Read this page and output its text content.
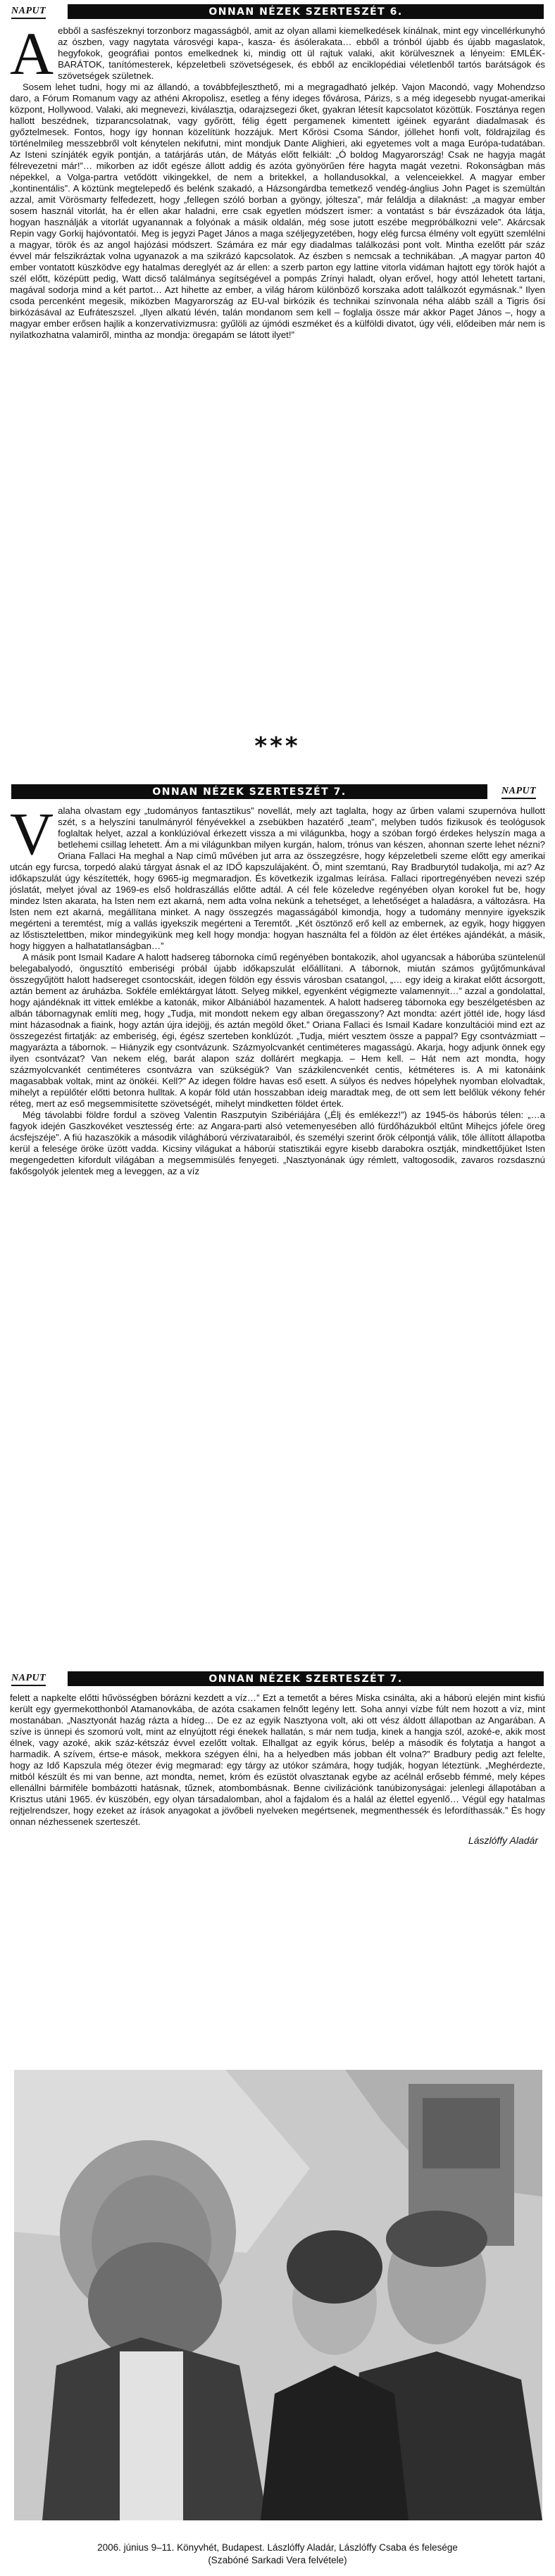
NAPUT	ONNAN NÉZEK SZERTESZÉT 6.

Aebből a sasfészeknyi torzonborz magasságból, amit az olyan allami kiemelkedések kínálnak, mint egy vincellérkunyhó az ószben, vagy nagytata városvégi kapa-, kasza- és ásólerakata… ebből a trónból újabb és újabb magaslatok, hegyfokok, geográfiai pontos emelkednek ki, mindig ott ül rajtuk valaki, akit körülvesznek a lényeim: EMLÉK-BARÁTOK, tanítómesterek, képzeletbeli szövetségesek, és ebből az enciklopédiai véletlenből tartós barátságok és szövetségek születnek.

Sosem lehet tudni, hogy mi az állandó, a továbbfejleszthető, mi a megragadható jelkép. Vajon Macondó, vagy Mohendzso daro, a Fórum Romanum vagy az athéni Akropolisz, esetleg a fény ideges fővárosa, Párizs, s a még idegesebb nyugat-amerikai központ, Hollywood. Valaki, aki megnevezi, kiválasztja, odarajzsegezi őket, gyakran létesít kapcsolatot közöttük. Fosztánya regen hallott beszédnek, tizparancsolatnak, vagy győrött, félig égett pergamenek kimentett igéinek egyaránt diadalmasak és győztelmesek. Fontos, hogy így honnan közelítünk hozzájuk. Mert Kőrösi Csoma Sándor, jóllehet honfi volt, földrajzilag és történelmileg messzebbről volt kénytelen nekifutni, mint mondjuk Dante Alighieri, aki egyetemes volt a maga Európa-tudatában. Az Isteni színjáték egyik pontján, a tatárjárás után, de Mátyás előtt felkiált: „Ó boldog Magyarország! Csak ne hagyja magát félrevezetni már!”… mikorben az időt egésze állott addig és azóta gyönyörűen fére hagyta magát vezetni. Rokonságban más népekkel, a Volga-partra vetődött vikingekkel, de nem a britekkel, a hollandusokkal, a velenceiekkel. A magyar ember „kontinentális”. A köztünk megtelepedő és belénk szakadó, a Házsongárdba temetkező vendég-ánglius John Paget is szemültán azzal, amit Vörösmarty felfedezett, hogy „fellegen szóló borban a gyöngy, jóltesza”, már feláldja a dilaknást: „a magyar ember sosem használ vitorlát, ha ér ellen akar haladni, erre csak egyetlen módszert ismer: a vontatást s bár évszázadok óta látja, hogyan használják a vitorlát ugyanannak a folyónak a másik oldalán, még sose jutott eszébe megpróbálkozni vele”. Akárcsak Repin vagy Gorkij hajóvontatói. Meg is jegyzi Paget János a maga széljegyzetében, hogy elég furcsa élmény volt együtt szemlélni a magyar, török és az angol hajózási módszert. Számára ez már egy diadalmas találkozási pont volt. Mintha ezelőtt pár száz évvel már felszikráztak volna ugyanazok a ma szikrázó kapcsolatok. Az észben s nemcsak a technikában. „A magyar parton 40 ember vontatott küszködve egy hatalmas dereglyét az ár ellen: a szerb parton egy lattine vitorla vidáman hajtott egy török hajót a szél előtt, középütt pedig, Watt dicső találmánya segítségével a pompás Zrínyi haladt, olyan erővel, hogy attól lehetett tartani, magával sodorja mind a két partot… Azt hihette az ember, a világ három különböző korszaka adott találkozót egymásnak.” Ilyen csoda percenként megesik, miközben Magyarország az EU-val birkózik és technikai színvonala néha alább száll a Tigris ősi birkózásával az Eufráteszszel. „Ilyen alkatú lévén, talán mondanom sem kell – foglalja össze már akkor Paget János –, hogy a magyar ember erősen hajlik a konzervatívizmusra: gyűlöli az újmódi eszméket és a külföldi divatot, úgy véli, elődeiben már nem is nyilatkozhatna valamiről, mintha az mondja: öregapám se látott ilyet!”

***
ONNAN NÉZEK SZERTESZÉT 7.	NAPUT

Valaha olvastam egy „tudományos fantasztikus” novellát, mely azt taglalta, hogy az űrben valami szupernóva hullott szét, s a helyszíni tanulmányról fényévekkel a zsebükben hazatérő „team”, melyben tudós fizikusok és teológusok foglaltak helyet, azzal a konklúzióval érkezett vissza a mi világunkba, hogy a szóban forgó érdekes helyszín maga a betlehemi csillag lehetett. Ám a mi világunkban milyen kurgán, halom, trónus van készen, ahonnan szerte lehet nézni? Oriana Fallaci Ha meghal a Nap című művében jut arra az összegzésre, hogy képzeletbeli szeme előtt egy amerikai utcán egy furcsa, torpedó alakú tárgyat ásnak el az IDŐ kapszulájaként. Ő, mint szemtanú, Ray Bradburytól tudakolja, mi az? Az időkapszulát úgy készítették, hogy 6965-ig megmaradjon. És következik izgalmas leírása. Fallaci riportregényében nevezi szép jóslatát, melyet jóval az 1969-es első holdraszállás előtte adtál. A cél fele közeledve regényében olyan korokel fut be, hogy mindez lsten akarata, ha lsten nem ezt akarná, nem adta volna nekünk a tehetséget, a lehetőséget a haladásra, a változásra. Ha lsten nem ezt akarná, megállítana minket. A nagy összegzés magasságából kimondja, hogy a tudomány mennyire igyekszik megérteni a teremtést, míg a vallás igyekszik megérteni a Teremtőt. „Két ösztönző erő kell az embernek, az egyik, hogy higgyen az lőstisztelettben, mikor mindegyikünk meg kell hogy mondja: hogyan használta fel a földön az élet értékes ajándékát, a másik, hogy higgyen a halhatatlanságban…”

A másik pont Ismail Kadare A halott hadsereg tábornoka című regényében bontakozik, ahol ugyancsak a háborúba szüntelenül belegabalyodó, öngusztító emberiségi próbál újabb időkapszulát előállítani. A tábornok, miután számos gyűjtőmunkával összegyűjtött halott hadsereget csontocskáit, idegen földön egy éssvis városban csatangol, „… egy ideig a kirakat előtt ácsorgott, aztán bement az áruházba. Sokféle emléktárgyat látott. Selyeg mikkel, egyenként végigmezte valamennyit…” azzal a gondolattal, hogy ajándéknak itt vittek emlékbe a katonák, mikor Albániából hazamentek. A halott hadsereg tábornoka egy beszélgetésben az albán tábornagynak említi meg, hogy „Tudja, mit mondott nekem egy alban öregasszony? Azt mondta: azért jöttél ide, hogy lásd mint házasodnak a fiaink, hogy aztán újra idejöjj, és aztán megöld őket.” Oriana Fallaci és Ismail Kadare konzultációi mind ezt az összegezést firtatják: az emberiség, égi, égész szerteben konklúzót. „Tudja, miért vesztem össze a pappal? Egy csontvázmiatt – magyarázta a tábornok. – Hiányzik egy csontvázunk. Százmyolcvankét centiméteres magasságú. Akarja, hogy adjunk önnek egy ilyen csontvázat? Van nekem elég, barát alapon száz dollárért megkapja. – Hem kell. – Hát nem azt mondta, hogy százmyolcvankét centiméteres csontvázra van szükségük? Van százkilencvenkét centis, kétméteres is. A mi katonáink magasabbak voltak, mint az önökéi. Kell?” Az idegen földre havas eső esett. A súlyos és nedves hópelyhek nyomban elolvadtak, mihelyt a repülőtér előtti betonra hulltak. A kopár föld után hosszabban ideig maradtak meg, de ott sem lett belőlük vékony fehér réteg, mert az eső megsemmisítette szövetségét, mihelyt mindketten földet értek.

Még távolabbi földre fordul a szöveg Valentin Raszputyin Szibériájára („Élj és emlékezz!”) az 1945-ös háborús télen: „…a fagyok idején Gaszkovéket vesztesség érte: az Angara-parti alsó vetemenyesében alló fürdőházukból eltűnt Mihejcs jófele öreg ácsfejszéje”. A fiú hazaszökik a második világháború vérzivataraiból, és személyi szerint őrök célpontjá válik, tőle állított állapotba kerül a felesége öröke üzött vadda. Kicsiny világukat a háborúi statisztikái egyre kisebb darabokra osztják, mindkettőjüket lsten megengedetten kifordult világában a megsemmisülés fenyegeti. „Nasztyonának úgy rémlett, valtogosodik, zavaros rozsdasznú fakősgolyók jelentek meg a leveggen, az a víz

NAPUT	ONNAN NÉZEK SZERTESZÉT 7.

felett a napkelte előtti hűvösségben bórázni kezdett a víz…” Ezt a temetőt a béres Miska csinálta, aki a háború elején mint kisfiú került egy gyermekotthonból Atamanovkába, de azóta csakamen felnőtt legény lett. Soha annyi vízbe fúlt nem hozott a víz, mint mostanában. „Nasztyonát hazág rázta a hídeg… De ez az egyik Nasztyona volt, aki ott vész áldott állapotban az Angarában. A szíve is ünnepi és szomorú volt, mint az elnyújtott régi énekek hallatán, s már nem tudja, kinek a hangja szól, azoké-e, akik most élnek, vagy azoké, akik száz-kétszáz évvel ezelőtt voltak. Elhallgat az egyik kórus, belép a második és folytatja a hangot a harmadik. A szívem, értse-e mások, mekkora szégyen élni, ha a helyedben más jobban élt volna?” Bradbury pedig azt felelte, hogy az Idő Kapszula még ötezer évig megmarad: egy tárgy az utókor számára, hogy tudják, hogyan léteztünk. „Meghérdezte, mitból készült és mi van benne, azt mondta, nemet, króm és ezüstöt olvasztanak egybe az acélnál erősebb fémmé, mely képes ellenállni bármiféle bombázotti hatásnak, tűznek, atombombásnak. Benne civilizációnk tanúbizonyságai: jelenlegi állapotában a Krisztus utáni 1965. év küszöbén, egy olyan társadalomban, ahol a fajdalom és a halál az élettel egyenlő… Végül egy hatalmas rejtjelrendszer, hogy ezeket az írások anyagokat a jövőbeli nyelveken megértsenek, megmenthessék és lefordíthassák.” És hogy onnan nézhessenek szerteszét.

Lászlóffy Aladár
2006. június 9–11. Könyvhét, Budapest. Lászlóffy Aladár, Lászlóffy Csaba és felesége
(Szabóné Sarkadi Vera felvétele)
